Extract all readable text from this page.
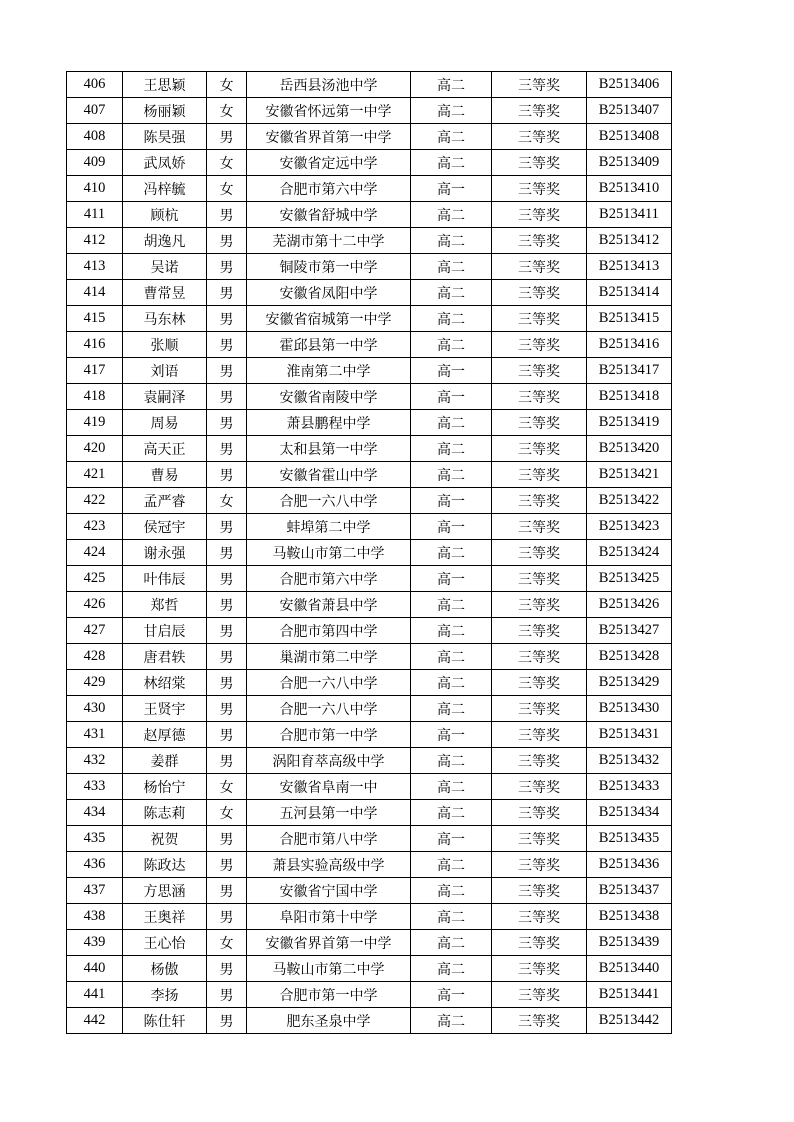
406	王思颖	女	岳西县汤池中学	高二	三等奖	B2513406
407	杨丽颖	女	安徽省怀远第一中学	高二	三等奖	B2513407
408	陈昊强	男	安徽省界首第一中学	高二	三等奖	B2513408
409	武凤娇	女	安徽省定远中学	高二	三等奖	B2513409
410	冯梓毓	女	合肥市第六中学	高一	三等奖	B2513410
411	顾杭	男	安徽省舒城中学	高二	三等奖	B2513411
412	胡逸凡	男	芜湖市第十二中学	高二	三等奖	B2513412
413	吴诺	男	铜陵市第一中学	高二	三等奖	B2513413
414	曹常昱	男	安徽省凤阳中学	高二	三等奖	B2513414
415	马东林	男	安徽省宿城第一中学	高二	三等奖	B2513415
416	张顺	男	霍邱县第一中学	高二	三等奖	B2513416
417	刘语	男	淮南第二中学	高一	三等奖	B2513417
418	袁嗣泽	男	安徽省南陵中学	高一	三等奖	B2513418
419	周易	男	萧县鹏程中学	高二	三等奖	B2513419
420	高天正	男	太和县第一中学	高二	三等奖	B2513420
421	曹易	男	安徽省霍山中学	高二	三等奖	B2513421
422	孟严睿	女	合肥一六八中学	高一	三等奖	B2513422
423	侯冠宇	男	蚌埠第二中学	高一	三等奖	B2513423
424	谢永强	男	马鞍山市第二中学	高二	三等奖	B2513424
425	叶伟辰	男	合肥市第六中学	高一	三等奖	B2513425
426	郑哲	男	安徽省萧县中学	高二	三等奖	B2513426
427	甘启辰	男	合肥市第四中学	高二	三等奖	B2513427
428	唐君轶	男	巢湖市第二中学	高二	三等奖	B2513428
429	林绍棠	男	合肥一六八中学	高二	三等奖	B2513429
430	王贤宇	男	合肥一六八中学	高二	三等奖	B2513430
431	赵厚德	男	合肥市第一中学	高一	三等奖	B2513431
432	姜群	男	涡阳育萃高级中学	高二	三等奖	B2513432
433	杨怡宁	女	安徽省阜南一中	高二	三等奖	B2513433
434	陈志莉	女	五河县第一中学	高二	三等奖	B2513434
435	祝贺	男	合肥市第八中学	高一	三等奖	B2513435
436	陈政达	男	萧县实验高级中学	高二	三等奖	B2513436
437	方思涵	男	安徽省宁国中学	高二	三等奖	B2513437
438	王奥祥	男	阜阳市第十中学	高二	三等奖	B2513438
439	王心怡	女	安徽省界首第一中学	高二	三等奖	B2513439
440	杨傲	男	马鞍山市第二中学	高二	三等奖	B2513440
441	李扬	男	合肥市第一中学	高一	三等奖	B2513441
442	陈仕轩	男	肥东圣泉中学	高二	三等奖	B2513442
